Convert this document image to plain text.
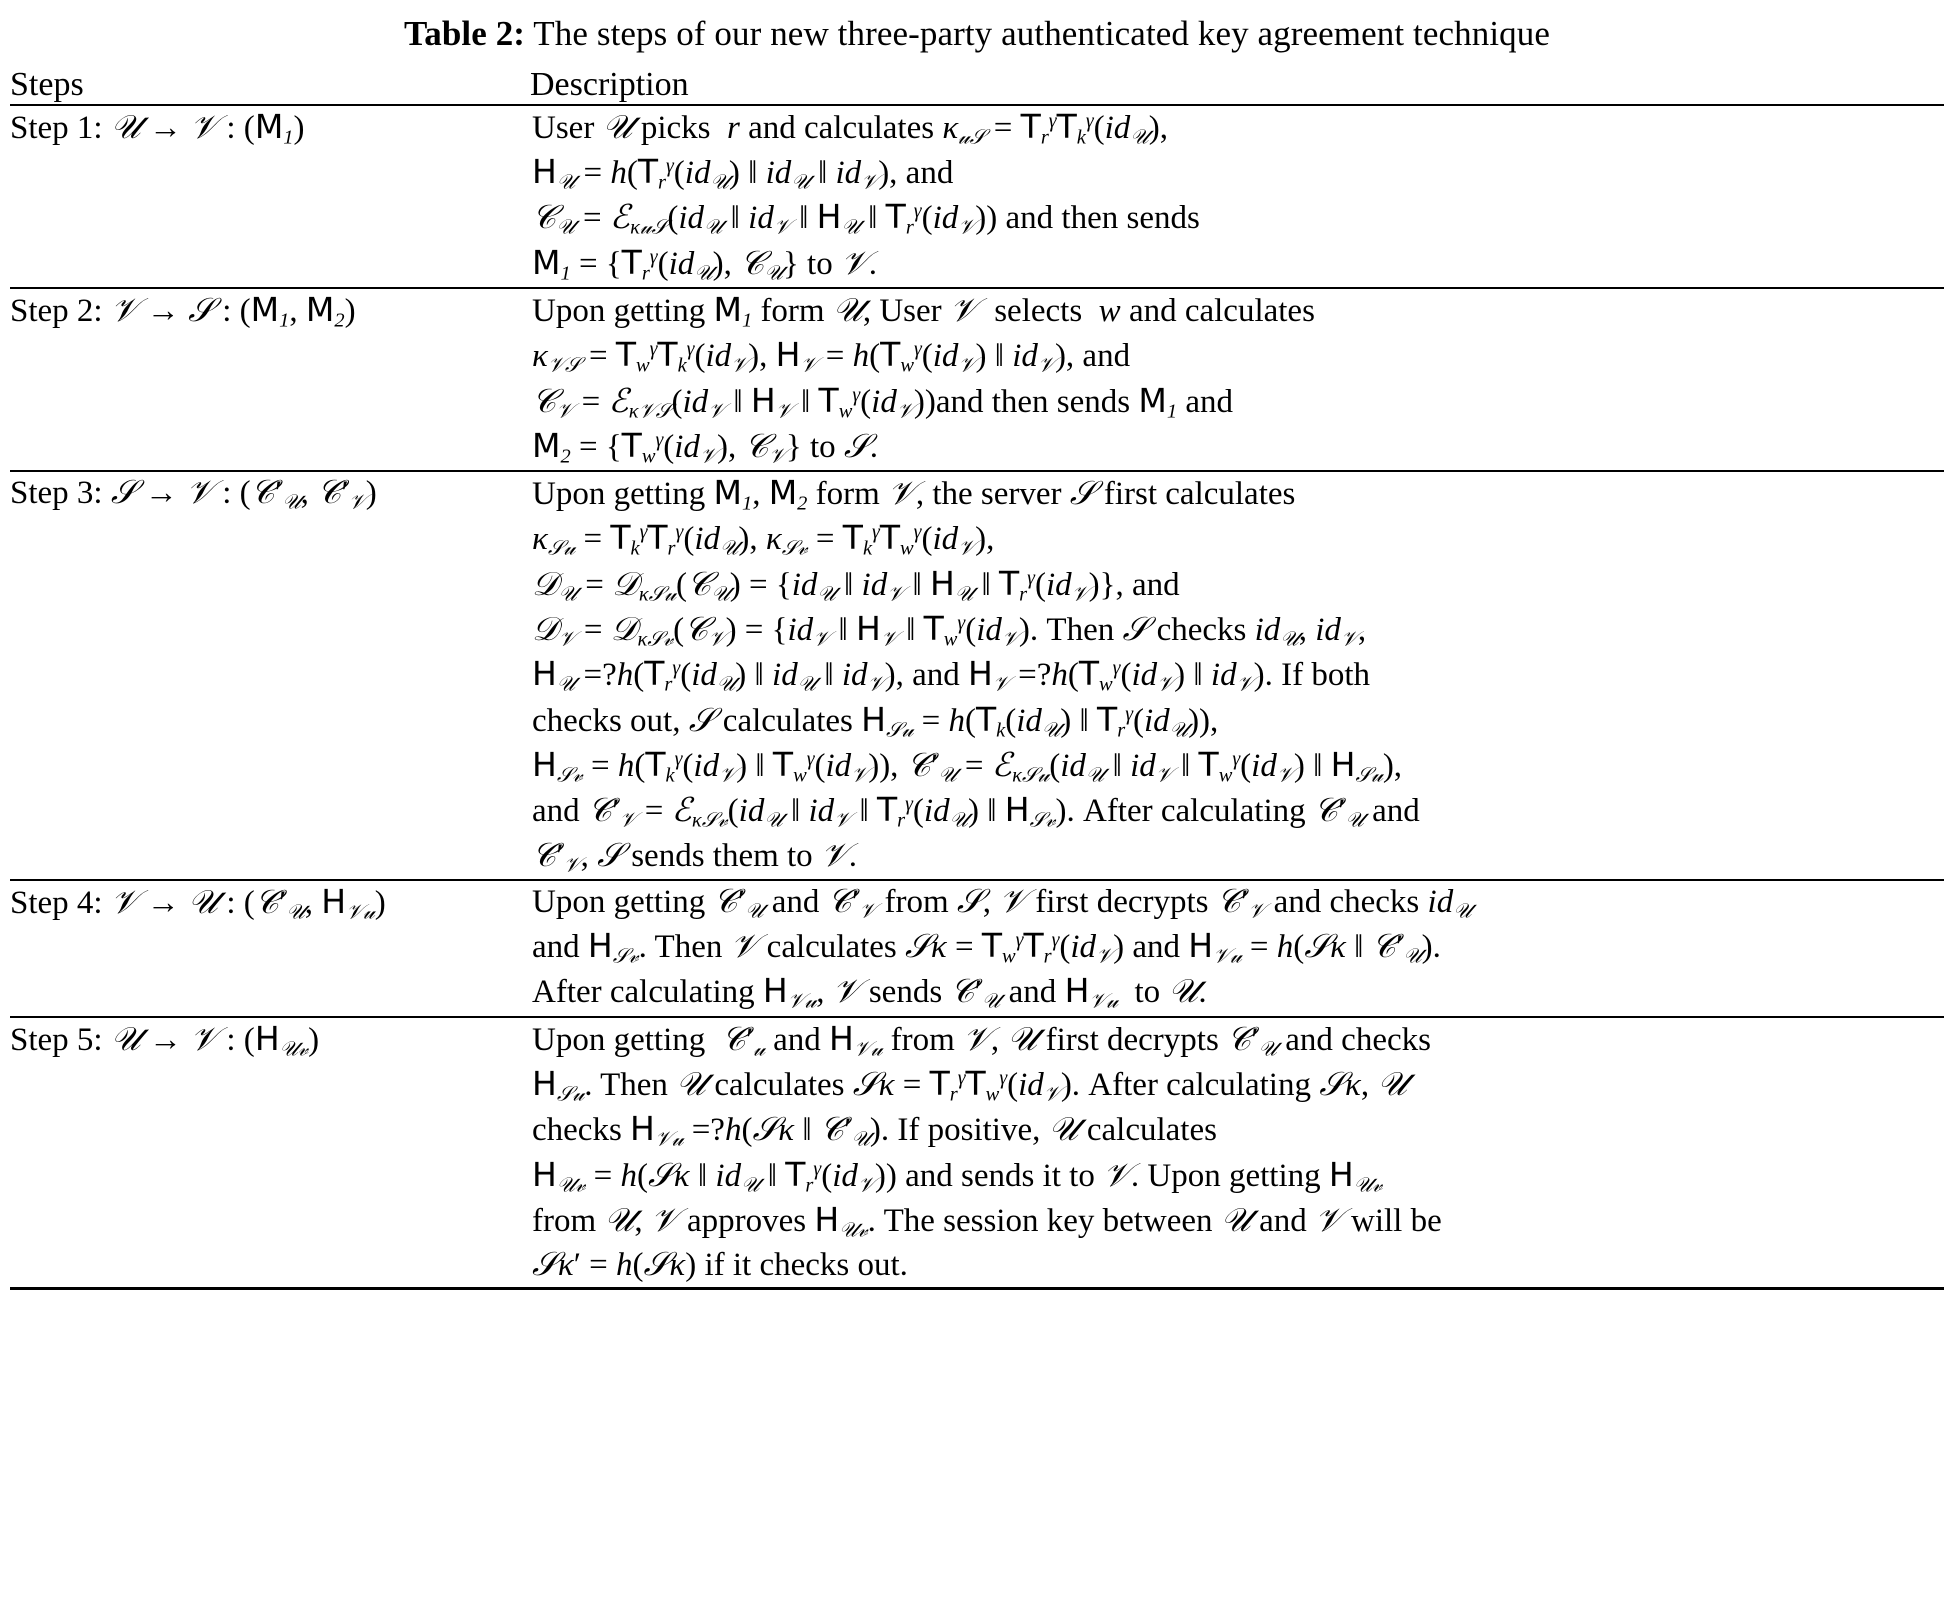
Table 2: The steps of our new three-party authenticated key agreement technique
Steps	Description
Step 1: 𝒰 → 𝒱 : $(M_1)$	User 𝒰 picks  r and calculates $\kappa_{𝓊𝒮} = T_r^\gamma T_k^\gamma(id_𝒰)$,
$H_𝒰 = h(T_r^\gamma(id_𝒰)$ ‖ $id_𝒰$ ‖ $id_𝒱$), and
𝒞$_𝒰$ = $ℰ_{\kappa 𝓊𝒮}(id_𝒰$ ‖ $id_𝒱$ ‖ $H_𝒰$ ‖ $T_r^\gamma(id_𝒱)$) and then sends
$M_1 = \{T_r^\gamma(id_𝒰)$, 𝒞$_𝒰$} to 𝒱.

Step 2: 𝒱 → 𝒮 : ($M_1$, $M_2$)	Upon getting $M_1$ form 𝒰, User 𝒱  selects  w and calculates
$\kappa_{𝒱𝒮} = T_w^\gamma T_k^\gamma(id_𝒱)$, $H_𝒱 = h(T_w^\gamma(id_𝒱)$ ‖ $id_𝒱$), and
𝒞$_𝒱$ = $ℰ_{\kappa 𝒱𝒮}(id_𝒱$ ‖ $H_𝒱$ ‖ $T_w^\gamma(id_𝒱))and$ then sends $M_1$ and
$M_2 = \{T_w^\gamma(id_𝒱)$, 𝒞$_𝒱$} to 𝒮.

Step 3: 𝒮 → 𝒱 : ($𝒞'_𝒰$, $𝒞'_𝒱$)	Upon getting $M_1$, $M_2$ form 𝒱, the server 𝒮 first calculates
$\kappa_{𝒮𝓊} = T_k^\gamma T_r^\gamma(id_𝒰)$, $\kappa_{𝒮𝓋} = T_k^\gamma T_w^\gamma(id_𝒱)$,
𝒟$_𝒰$ = 𝒟$_{\kappa 𝒮𝓊}$(𝒞$_𝒰$) = {$id_𝒰$ ‖ $id_𝒱$ ‖ $H_𝒰$ ‖ $T_r^\gamma(id_𝒱)$}, and
𝒟$_𝒱$ = 𝒟$_{\kappa 𝒮𝓋}$(𝒞$_𝒱$) = {$id_𝒱$ ‖ $H_𝒱$ ‖ $T_w^\gamma(id_𝒱)$. Then 𝒮 checks $id_𝒰$, $id_𝒱$,
$H_𝒰$ $=?h(T_r^\gamma(id_𝒰)$ ‖ $id_𝒰$ ‖ $id_𝒱$), and $H_𝒱$ $=?h(T_w^\gamma(id_𝒱)$ ‖ $id_𝒱$). If both
checks out, 𝒮 calculates $H_{𝒮𝓊} = h(T_k(id_𝒰)$ ‖ $T_r^\gamma(id_𝒰)$),
$H_{𝒮𝓋} = h(T_k^\gamma(id_𝒱)$ ‖ $T_w^\gamma(id_𝒱)$), $𝒞'_𝒰$ = $ℰ_{\kappa 𝒮𝓊}(id_𝒰$ ‖ $id_𝒱$ ‖ $T_w^\gamma(id_𝒱)$ ‖ $H_{𝒮𝓊}$),
and $𝒞'_𝒱$ = $ℰ_{\kappa 𝒮𝓋}(id_𝒰$ ‖ $id_𝒱$ ‖ $T_r^\gamma(id_𝒰)$ ‖ $H_{𝒮𝓋}$). After calculating $𝒞'_𝒰$ and
$𝒞'_𝒱$, 𝒮 sends them to 𝒱.

Step 4: 𝒱 → 𝒰 : ($𝒞'_𝒰$, $H_{𝒱𝓊}$)	Upon getting $𝒞'_𝒰$ and $𝒞'_𝒱$ from 𝒮, 𝒱 first decrypts $𝒞'_𝒱$ and checks $id_𝒰$
and $H_{𝒮𝓋}$. Then 𝒱 calculates 𝒮κ = $T_w^\gamma T_r^\gamma(id_𝒱)$ and $H_{𝒱𝓊}$ = h(𝒮κ ‖ $𝒞'_𝒰$).
After calculating $H_{𝒱𝓊}$, 𝒱 sends $𝒞'_𝒰$ and $H_{𝒱𝓊}$  to 𝒰.

Step 5: 𝒰 → 𝒱 : $(H_{𝒰𝓋})$	Upon getting  $𝒞'_𝓊$ and $H_{𝒱𝓊}$ from 𝒱, 𝒰 first decrypts $𝒞'_𝒰$ and checks
$H_{𝒮𝓊}$. Then 𝒰 calculates 𝒮κ = $T_r^\gamma T_w^\gamma(id_𝒱)$. After calculating 𝒮κ, 𝒰
checks $H_{𝒱𝓊}$ =?h(𝒮κ ‖ $𝒞'_𝒰$). If positive, 𝒰 calculates
$H_{𝒰𝓋}$ = h(𝒮κ ‖ $id_𝒰$ ‖ $T_r^\gamma(id_𝒱)$) and sends it to 𝒱. Upon getting $H_{𝒰𝓋}$
from 𝒰, 𝒱 approves $H_{𝒰𝓋}$. The session key between 𝒰 and 𝒱 will be
𝒮κ′ = h(𝒮κ) if it checks out.
